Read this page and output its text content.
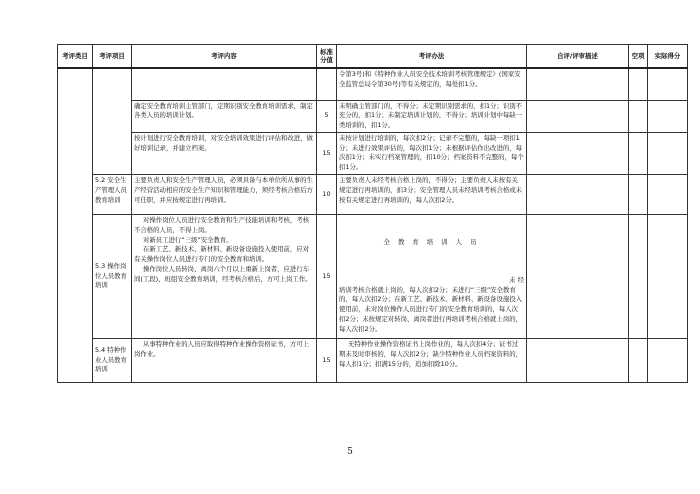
考评类目	考评项目	考评内容	标准分值	考评办法	自评/评审描述	空项	实际得分
				令第3号)和《特种作业人员安全技术培训考核管理规定》(国家安全监管总局令第30号)等有关规定的，每处扣1分。			
		确定安全教育培训主管部门，定期识别安全教育培训需求，制定各类人员的培训计划。	5	未明确主管部门的，不得分；未定期识别需求的，扣1分；识别不充分的，扣1分；未制定培训计划的，不得分；培训计划中每缺一类培训的，扣1分。			
		按计划进行安全教育培训，对安全培训效果进行评估和改进，做好培训记录，并建立档案。	15	未按计划进行培训的，每次扣2分；记录不完整的，每缺一项扣1分；未进行效果评估的，每次扣1分；未根据评估作出改进的，每次扣1分；未实行档案管理的，扣10分；档案资料不完整的，每个扣1分。			
	5.2 安全生产管理人员教育培训	主要负责人和安全生产管理人员，必须具备与本单位所从事的生产经营活动相应的安全生产知识和管理能力，须经考核合格后方可任职，并应按规定进行再培训。	10	主要负责人未经考核合格上岗的，不得分；主要负责人未按有关规定进行再培训的，扣3分；安全管理人员未经培训考核合格或未按有关规定进行再培训的，每人次扣2分。			
	5.3 操作岗位人员教育培训	对操作岗位人员进行安全教育和生产技能培训和考核，考核不合格的人员，不得上岗。
对新员工进行“三级”安全教育。
在新工艺、新技术、新材料、新设备设施投入使用前，应对有关操作岗位人员进行专门的安全教育和培训。
操作岗位人员转岗、离岗六个月以上重新上岗者，应进行车间(工段)、班组安全教育培训，经考核合格后，方可上岗工作。	15	全 教 育 培 训 人 员
未 经
培训考核合格就上岗的，每人次扣2分；未进行“三级”安全教育的，每人次扣2分；在新工艺、新技术、新材料、新设备设施投入使用前，未对岗位操作人员进行专门的安全教育培训的，每人次扣2分；未按规定对转岗、离岗者进行再培训考核合格就上岗的，每人次扣2分。			

	5.4 特种作业人员教育培训	从事特种作业的人员应取得特种作业操作资格证书，方可上岗作业。	15	无特种作业操作资格证书上岗作业的，每人次扣4分；证书过期未及时审核的，每人次扣2分；缺少特种作业人员档案资料的，每人扣1分；扣满15分的，追加扣除10分。			
5
